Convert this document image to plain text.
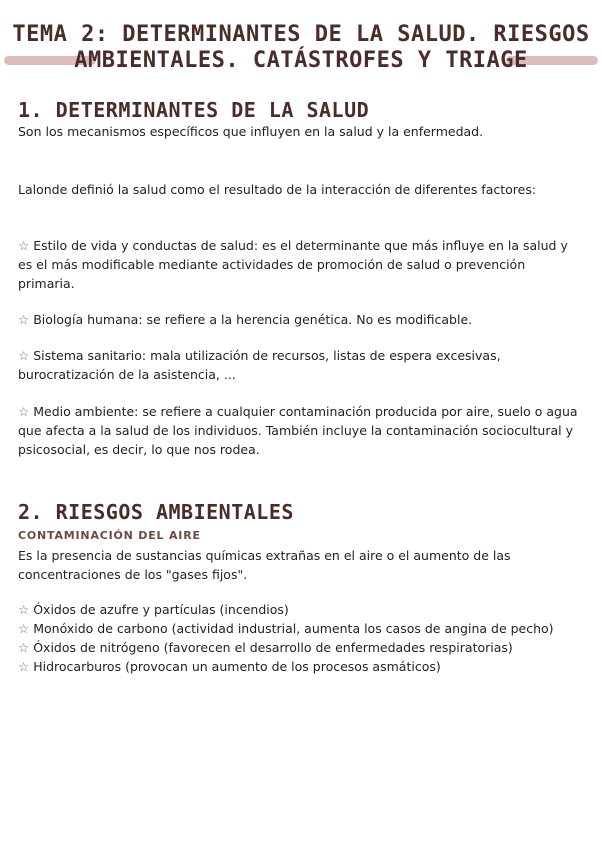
TEMA 2: DETERMINANTES DE LA SALUD. RIESGOS
AMBIENTALES. CATÁSTROFES Y TRIAGE
1. DETERMINANTES DE LA SALUD
Son los mecanismos específicos que influyen en la salud y la enfermedad.
Lalonde definió la salud como el resultado de la interacción de diferentes factores:
☆ Estilo de vida y conductas de salud: es el determinante que más influye en la salud y es el más modificable mediante actividades de promoción de salud o prevención primaria.
☆ Biología humana: se refiere a la herencia genética. No es modificable.
☆ Sistema sanitario: mala utilización de recursos, listas de espera excesivas, burocratización de la asistencia, ...
☆ Medio ambiente: se refiere a cualquier contaminación producida por aire, suelo o agua que afecta a la salud de los individuos. También incluye la contaminación sociocultural y psicosocial, es decir, lo que nos rodea.
2. RIESGOS AMBIENTALES
CONTAMINACIÓN DEL AIRE
Es la presencia de sustancias químicas extrañas en el aire o el aumento de las concentraciones de los "gases fijos".
☆ Óxidos de azufre y partículas (incendios)
☆ Monóxido de carbono (actividad industrial, aumenta los casos de angina de pecho)
☆ Óxidos de nitrógeno (favorecen el desarrollo de enfermedades respiratorias)
☆ Hidrocarburos (provocan un aumento de los procesos asmáticos)
